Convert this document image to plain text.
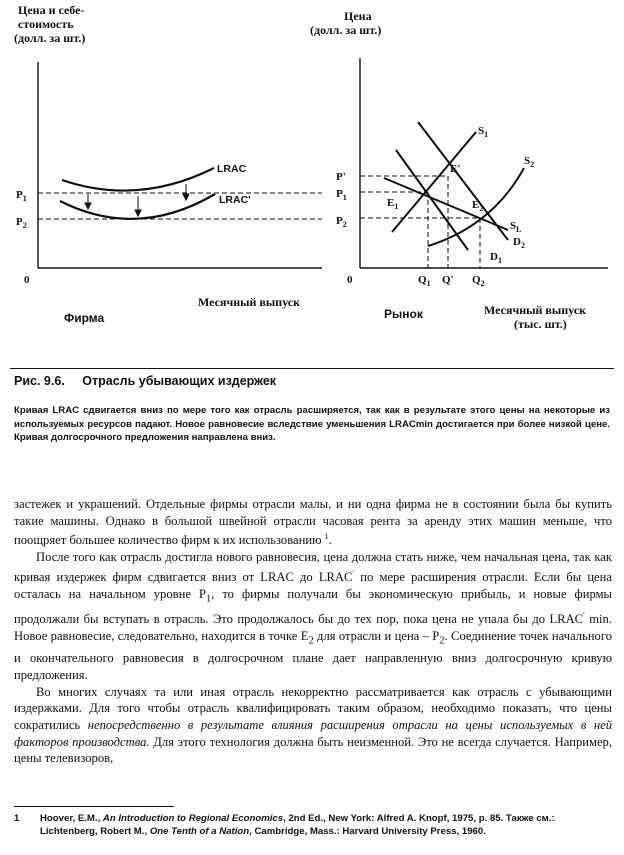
Цена и себе-
стоимость
(долл. за шт.)
0
$P_1$
$P_2$
LRAC
LRAC'
Месячный выпуск
Фирма
Цена
(долл. за шт.)
0
P'
$P_1$
$P_2$
$Q_1$ Q' $Q_2$
$S_1$
$S_2$
$S_L$
$D_2$
$D_1$
$E_1$
E'
$E_2$
Месячный выпуск
(тыс. шт.)
Рынок
Рис. 9.6. Отрасль убывающих издержек
Кривая LRAC сдвигается вниз по мере того как отрасль расширяется, так как в результате этого цены на некоторые из используемых ресурсов падают. Новое равновесие вследствие уменьшения LRACmin достигается при более низкой цене. Кривая долгосрочного предложения направлена вниз.

застежек и украшений. Отдельные фирмы отрасли малы, и ни одна фирма не в состоянии была бы купить такие машины. Однако в большой швейной отрасли часовая рента за аренду этих машин меньше, что поощряет большее количество фирм к их использованию $^1$.

После того как отрасль достигла нового равновесия, цена должна стать ниже, чем начальная цена, так как кривая издержек фирм сдвигается вниз от LRAC до LRAC′ по мере расширения отрасли. Если бы цена осталась на начальном уровне $P_1$, то фирмы получали бы экономическую прибыль, и новые фирмы продолжали бы вступать в отрасль. Это продолжалось бы до тех пор, пока цена не упала бы до LRAC′ min. Новое равновесие, следовательно, находится в точке $E_2$ для отрасли и цена – $P_2$. Соединение точек начального и окончательного равновесия в долгосрочном плане дает направленную вниз долгосрочную кривую предложения.

Во многих случаях та или иная отрасль некорректно рассматривается как отрасль с убывающими издержками. Для того чтобы отрасль квалифицировать таким образом, необходимо показать, что цены сократились непосредственно в результате влияния расширения отрасли на цены используемых в ней факторов производства. Для этого технология должна быть неизменной. Это не всегда случается. Например, цены телевизоров,

1 Hoover, E.M., An Introduction to Regional Economics, 2nd Ed., New York: Alfred A. Knopf, 1975, p. 85. Также см.: Lichtenberg, Robert M., One Tenth of a Nation, Cambridge, Mass.: Harvard University Press, 1960.
